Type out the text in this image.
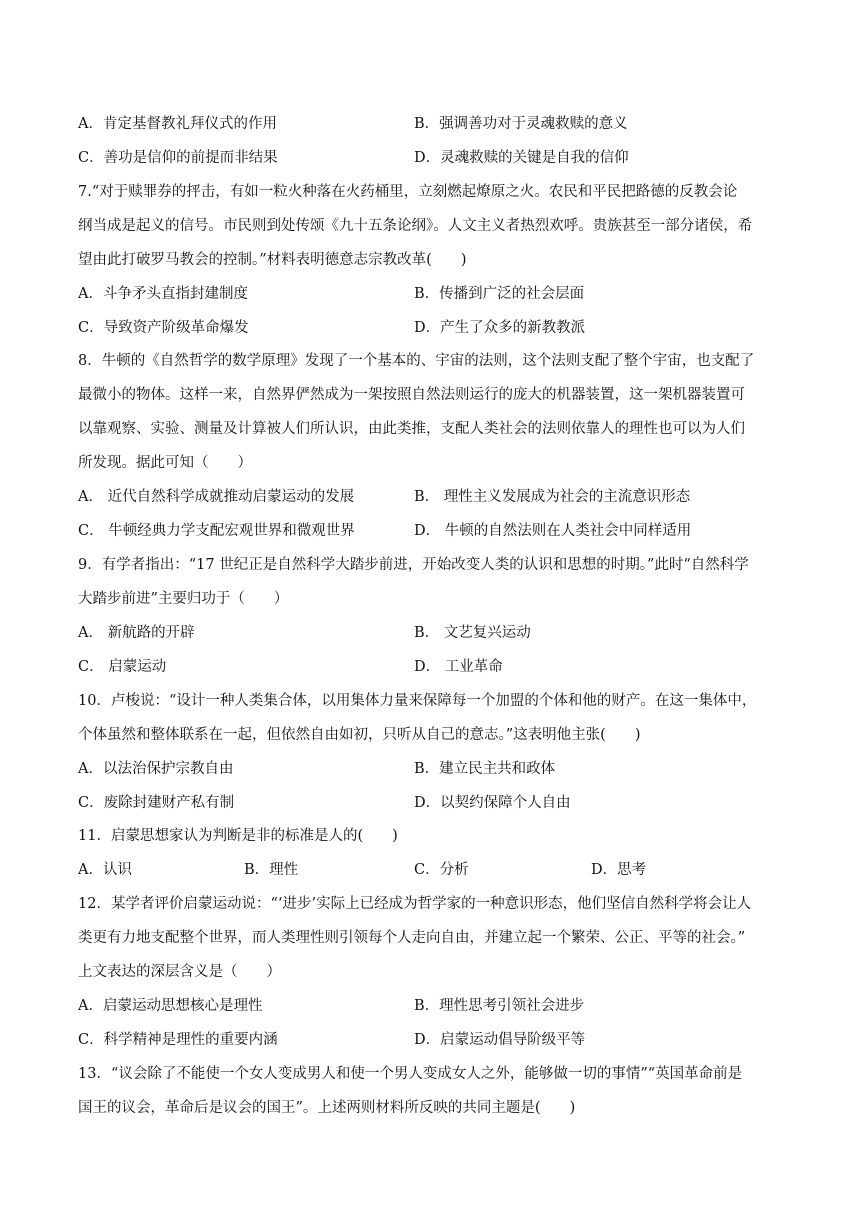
A．肯定基督教礼拜仪式的作用	B．强调善功对于灵魂救赎的意义
C．善功是信仰的前提而非结果	D．灵魂救赎的关键是自我的信仰
7.“对于赎罪券的抨击，有如一粒火种落在火药桶里，立刻燃起燎原之火。农民和平民把路德的反教会论
纲当成是起义的信号。市民则到处传颂《九十五条论纲》。人文主义者热烈欢呼。贵族甚至一部分诸侯，希
望由此打破罗马教会的控制。”材料表明德意志宗教改革(　　)
A．斗争矛头直指封建制度	B．传播到广泛的社会层面
C．导致资产阶级革命爆发	D．产生了众多的新教教派
8．牛顿的《自然哲学的数学原理》发现了一个基本的、宇宙的法则，这个法则支配了整个宇宙，也支配了
最微小的物体。这样一来，自然界俨然成为一架按照自然法则运行的庞大的机器装置，这一架机器装置可
以靠观察、实验、测量及计算被人们所认识，由此类推，支配人类社会的法则依靠人的理性也可以为人们
所发现。据此可知（　　）
A． 近代自然科学成就推动启蒙运动的发展	B． 理性主义发展成为社会的主流意识形态
C． 牛顿经典力学支配宏观世界和微观世界	D． 牛顿的自然法则在人类社会中同样适用
9．有学者指出：“17 世纪正是自然科学大踏步前进，开始改变人类的认识和思想的时期。”此时“自然科学
大踏步前进”主要归功于（　　）
A． 新航路的开辟	B． 文艺复兴运动
C． 启蒙运动	D． 工业革命
10．卢梭说：“设计一种人类集合体，以用集体力量来保障每一个加盟的个体和他的财产。在这一集体中，
个体虽然和整体联系在一起，但依然自由如初，只听从自己的意志。”这表明他主张(　　)
A．以法治保护宗教自由	B．建立民主共和政体
C．废除封建财产私有制	D．以契约保障个人自由
11．启蒙思想家认为判断是非的标准是人的(　　)
A．认识	B．理性	C．分析	D．思考
12．某学者评价启蒙运动说：“‘进步’实际上已经成为哲学家的一种意识形态，他们坚信自然科学将会让人
类更有力地支配整个世界，而人类理性则引领每个人走向自由，并建立起一个繁荣、公正、平等的社会。”
上文表达的深层含义是（　　）
A．启蒙运动思想核心是理性	B．理性思考引领社会进步
C．科学精神是理性的重要内涵	D．启蒙运动倡导阶级平等
13．“议会除了不能使一个女人变成男人和使一个男人变成女人之外，能够做一切的事情”“英国革命前是
国王的议会，革命后是议会的国王”。上述两则材料所反映的共同主题是(　　)
